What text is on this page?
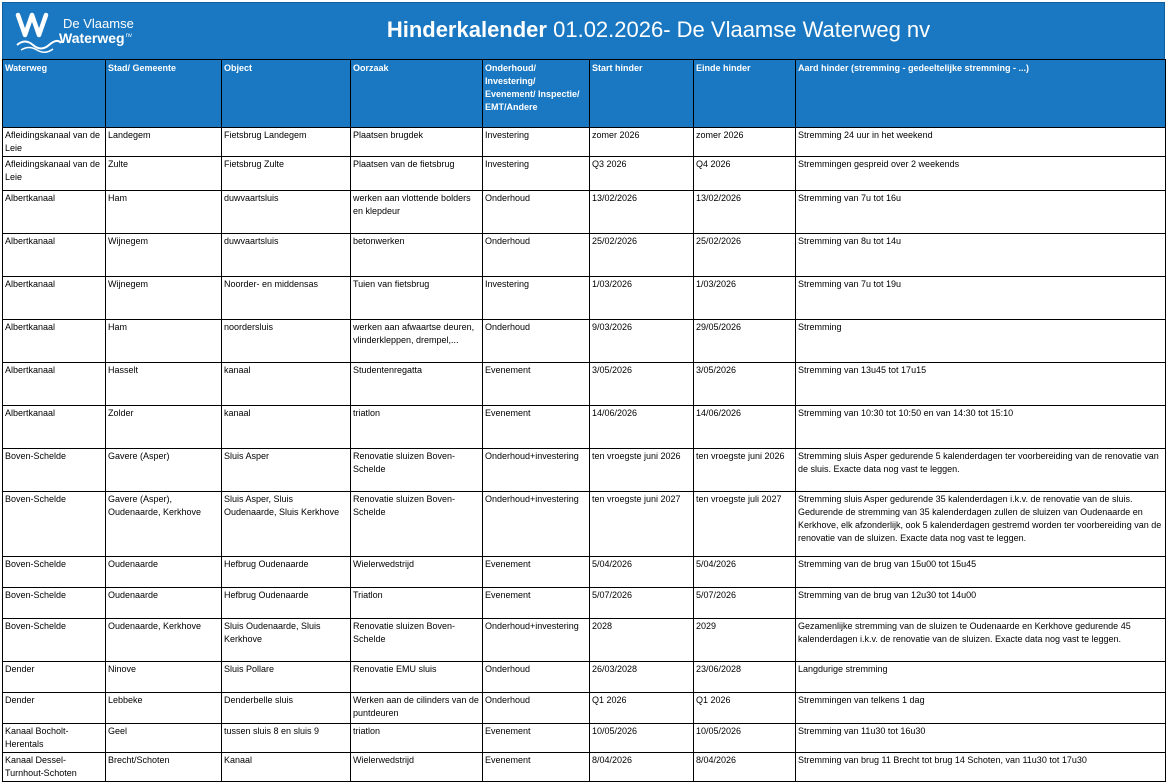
De Vlaamse
Waterweg$^{nv}$	Hinderkalender 01.02.2026- De Vlaamse Waterweg nv
Waterweg	Stad/ Gemeente	Object	Oorzaak	Onderhoud/ Investering/ Evenement/ Inspectie/ EMT/Andere	Start hinder	Einde hinder	Aard hinder (stremming - gedeeltelijke stremming - ...)
Afleidingskanaal van de Leie	Landegem	Fietsbrug Landegem	Plaatsen brugdek	Investering	zomer 2026	zomer 2026	Stremming 24 uur in het weekend
Afleidingskanaal van de Leie	Zulte	Fietsbrug Zulte	Plaatsen van de fietsbrug	Investering	Q3 2026	Q4 2026	Stremmingen gespreid over 2 weekends
Albertkanaal	Ham	duwvaartsluis	werken aan vlottende bolders en klepdeur	Onderhoud	13/02/2026	13/02/2026	Stremming van 7u tot 16u
Albertkanaal	Wijnegem	duwvaartsluis	betonwerken	Onderhoud	25/02/2026	25/02/2026	Stremming van 8u tot 14u
Albertkanaal	Wijnegem	Noorder- en middensas	Tuien van fietsbrug	Investering	1/03/2026	1/03/2026	Stremming van 7u tot 19u
Albertkanaal	Ham	noordersluis	werken aan afwaartse deuren, vlinderkleppen, drempel,...	Onderhoud	9/03/2026	29/05/2026	Stremming
Albertkanaal	Hasselt	kanaal	Studentenregatta	Evenement	3/05/2026	3/05/2026	Stremming van 13u45 tot 17u15
Albertkanaal	Zolder	kanaal	triatlon	Evenement	14/06/2026	14/06/2026	Stremming van 10:30 tot 10:50 en van 14:30 tot 15:10
Boven-Schelde	Gavere (Asper)	Sluis Asper	Renovatie sluizen Boven-Schelde	Onderhoud+investering	ten vroegste juni 2026	ten vroegste juni 2026	Stremming sluis Asper gedurende 5 kalenderdagen ter voorbereiding van de renovatie van de sluis. Exacte data nog vast te leggen.
Boven-Schelde	Gavere (Asper), Oudenaarde, Kerkhove	Sluis Asper, Sluis Oudenaarde, Sluis Kerkhove	Renovatie sluizen Boven-Schelde	Onderhoud+investering	ten vroegste juni 2027	ten vroegste juli 2027	Stremming sluis Asper gedurende 35 kalenderdagen i.k.v. de renovatie van de sluis. Gedurende de stremming van 35 kalenderdagen zullen de sluizen van Oudenaarde en Kerkhove, elk afzonderlijk, ook 5 kalenderdagen gestremd worden ter voorbereiding van de renovatie van de sluizen. Exacte data nog vast te leggen.
Boven-Schelde	Oudenaarde	Hefbrug Oudenaarde	Wielerwedstrijd	Evenement	5/04/2026	5/04/2026	Stremming van de brug van 15u00 tot 15u45
Boven-Schelde	Oudenaarde	Hefbrug Oudenaarde	Triatlon	Evenement	5/07/2026	5/07/2026	Stremming van de brug van 12u30 tot 14u00
Boven-Schelde	Oudenaarde, Kerkhove	Sluis Oudenaarde, Sluis Kerkhove	Renovatie sluizen Boven-Schelde	Onderhoud+investering	2028	2029	Gezamenlijke stremming van de sluizen te Oudenaarde en Kerkhove gedurende 45 kalenderdagen i.k.v. de renovatie van de sluizen. Exacte data nog vast te leggen.
Dender	Ninove	Sluis Pollare	Renovatie EMU sluis	Onderhoud	26/03/2028	23/06/2028	Langdurige stremming
Dender	Lebbeke	Denderbelle sluis	Werken aan de cilinders van de puntdeuren	Onderhoud	Q1 2026	Q1 2026	Stremmingen van telkens 1 dag
Kanaal Bocholt-Herentals	Geel	tussen sluis 8 en sluis 9	triatlon	Evenement	10/05/2026	10/05/2026	Stremming van 11u30 tot 16u30
Kanaal Dessel-Turnhout-Schoten	Brecht/Schoten	Kanaal	Wielerwedstrijd	Evenement	8/04/2026	8/04/2026	Stremming van brug 11 Brecht tot brug 14 Schoten, van 11u30 tot 17u30
